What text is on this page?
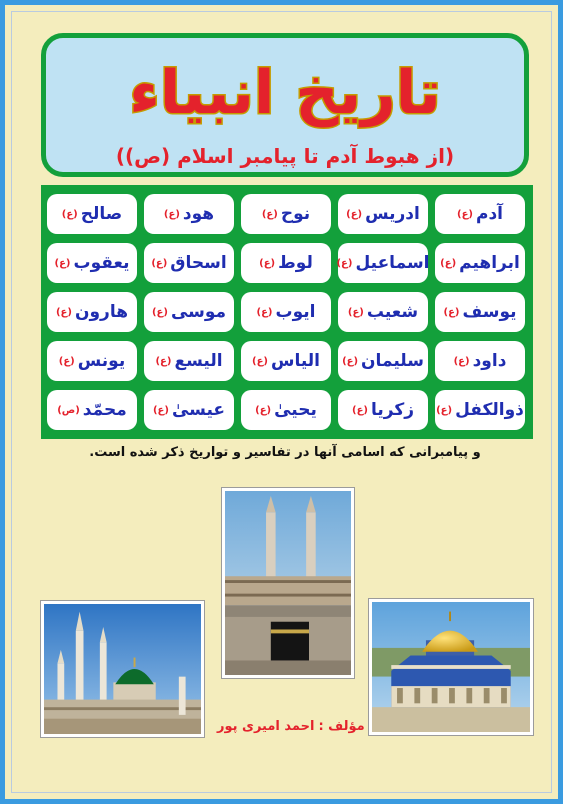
تاریخ انبیاء
(از هبوط آدم تا پیامبر اسلام (ص))
آدم
(ع)
ادریس
(ع)
نوح
(ع)
هود
(ع)
صالح
(ع)
ابراهیم
(ع)
اسماعیل
(ع)
لوط
(ع)
اسحاق
(ع)
یعقوب
(ع)
یوسف
(ع)
شعیب
(ع)
ایوب
(ع)
موسی
(ع)
هارون
(ع)
داود
(ع)
سلیمان
(ع)
الیاس
(ع)
الیسع
(ع)
یونس
(ع)
ذوالکفل
(ع)
زکریا
(ع)
یحییٰ
(ع)
عیسیٰ
(ع)
محمّد
(ص)
و پیامبرانی که اسامی آنها در تفاسیر و تواریخ ذکر شده است.
مؤلف :
احمد امیری پور
